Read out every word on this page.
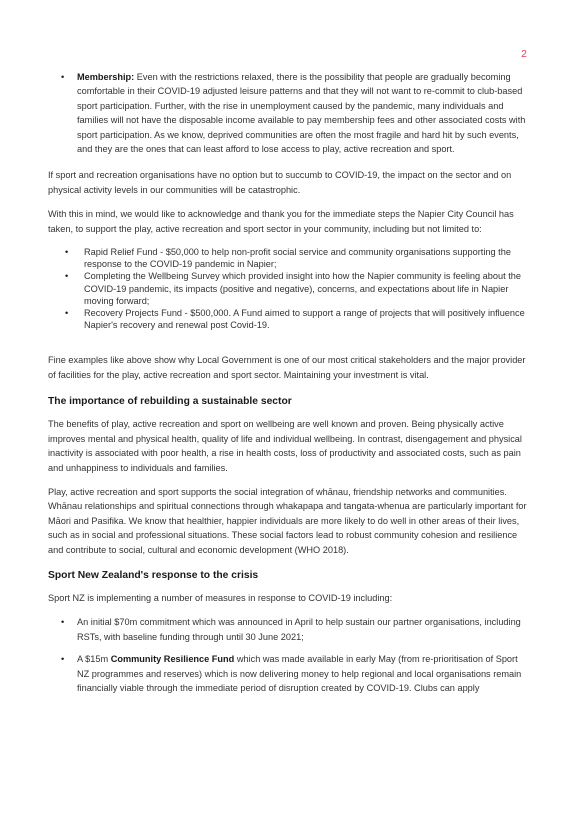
2
• Membership: Even with the restrictions relaxed, there is the possibility that people are gradually becoming comfortable in their COVID-19 adjusted leisure patterns and that they will not want to re-commit to club-based sport participation. Further, with the rise in unemployment caused by the pandemic, many individuals and families will not have the disposable income available to pay membership fees and other associated costs with sport participation. As we know, deprived communities are often the most fragile and hard hit by such events, and they are the ones that can least afford to lose access to play, active recreation and sport.

If sport and recreation organisations have no option but to succumb to COVID-19, the impact on the sector and on physical activity levels in our communities will be catastrophic.

With this in mind, we would like to acknowledge and thank you for the immediate steps the Napier City Council has taken, to support the play, active recreation and sport sector in your community, including but not limited to:

• Rapid Relief Fund - $50,000 to help non-profit social service and community organisations supporting the response to the COVID-19 pandemic in Napier;
• Completing the Wellbeing Survey which provided insight into how the Napier community is feeling about the COVID-19 pandemic, its impacts (positive and negative), concerns, and expectations about life in Napier moving forward;
• Recovery Projects Fund - $500,000. A Fund aimed to support a range of projects that will positively influence Napier's recovery and renewal post Covid-19.

Fine examples like above show why Local Government is one of our most critical stakeholders and the major provider of facilities for the play, active recreation and sport sector. Maintaining your investment is vital.

The importance of rebuilding a sustainable sector

The benefits of play, active recreation and sport on wellbeing are well known and proven. Being physically active improves mental and physical health, quality of life and individual wellbeing. In contrast, disengagement and physical inactivity is associated with poor health, a rise in health costs, loss of productivity and associated costs, such as pain and unhappiness to individuals and families.

Play, active recreation and sport supports the social integration of whānau, friendship networks and communities. Whānau relationships and spiritual connections through whakapapa and tangata-whenua are particularly important for Māori and Pasifika. We know that healthier, happier individuals are more likely to do well in other areas of their lives, such as in social and professional situations. These social factors lead to robust community cohesion and resilience and contribute to social, cultural and economic development (WHO 2018).

Sport New Zealand's response to the crisis

Sport NZ is implementing a number of measures in response to COVID-19 including:

• An initial $70m commitment which was announced in April to help sustain our partner organisations, including RSTs, with baseline funding through until 30 June 2021;
• A $15m Community Resilience Fund which was made available in early May (from re-prioritisation of Sport NZ programmes and reserves) which is now delivering money to help regional and local organisations remain financially viable through the immediate period of disruption created by COVID-19. Clubs can apply
